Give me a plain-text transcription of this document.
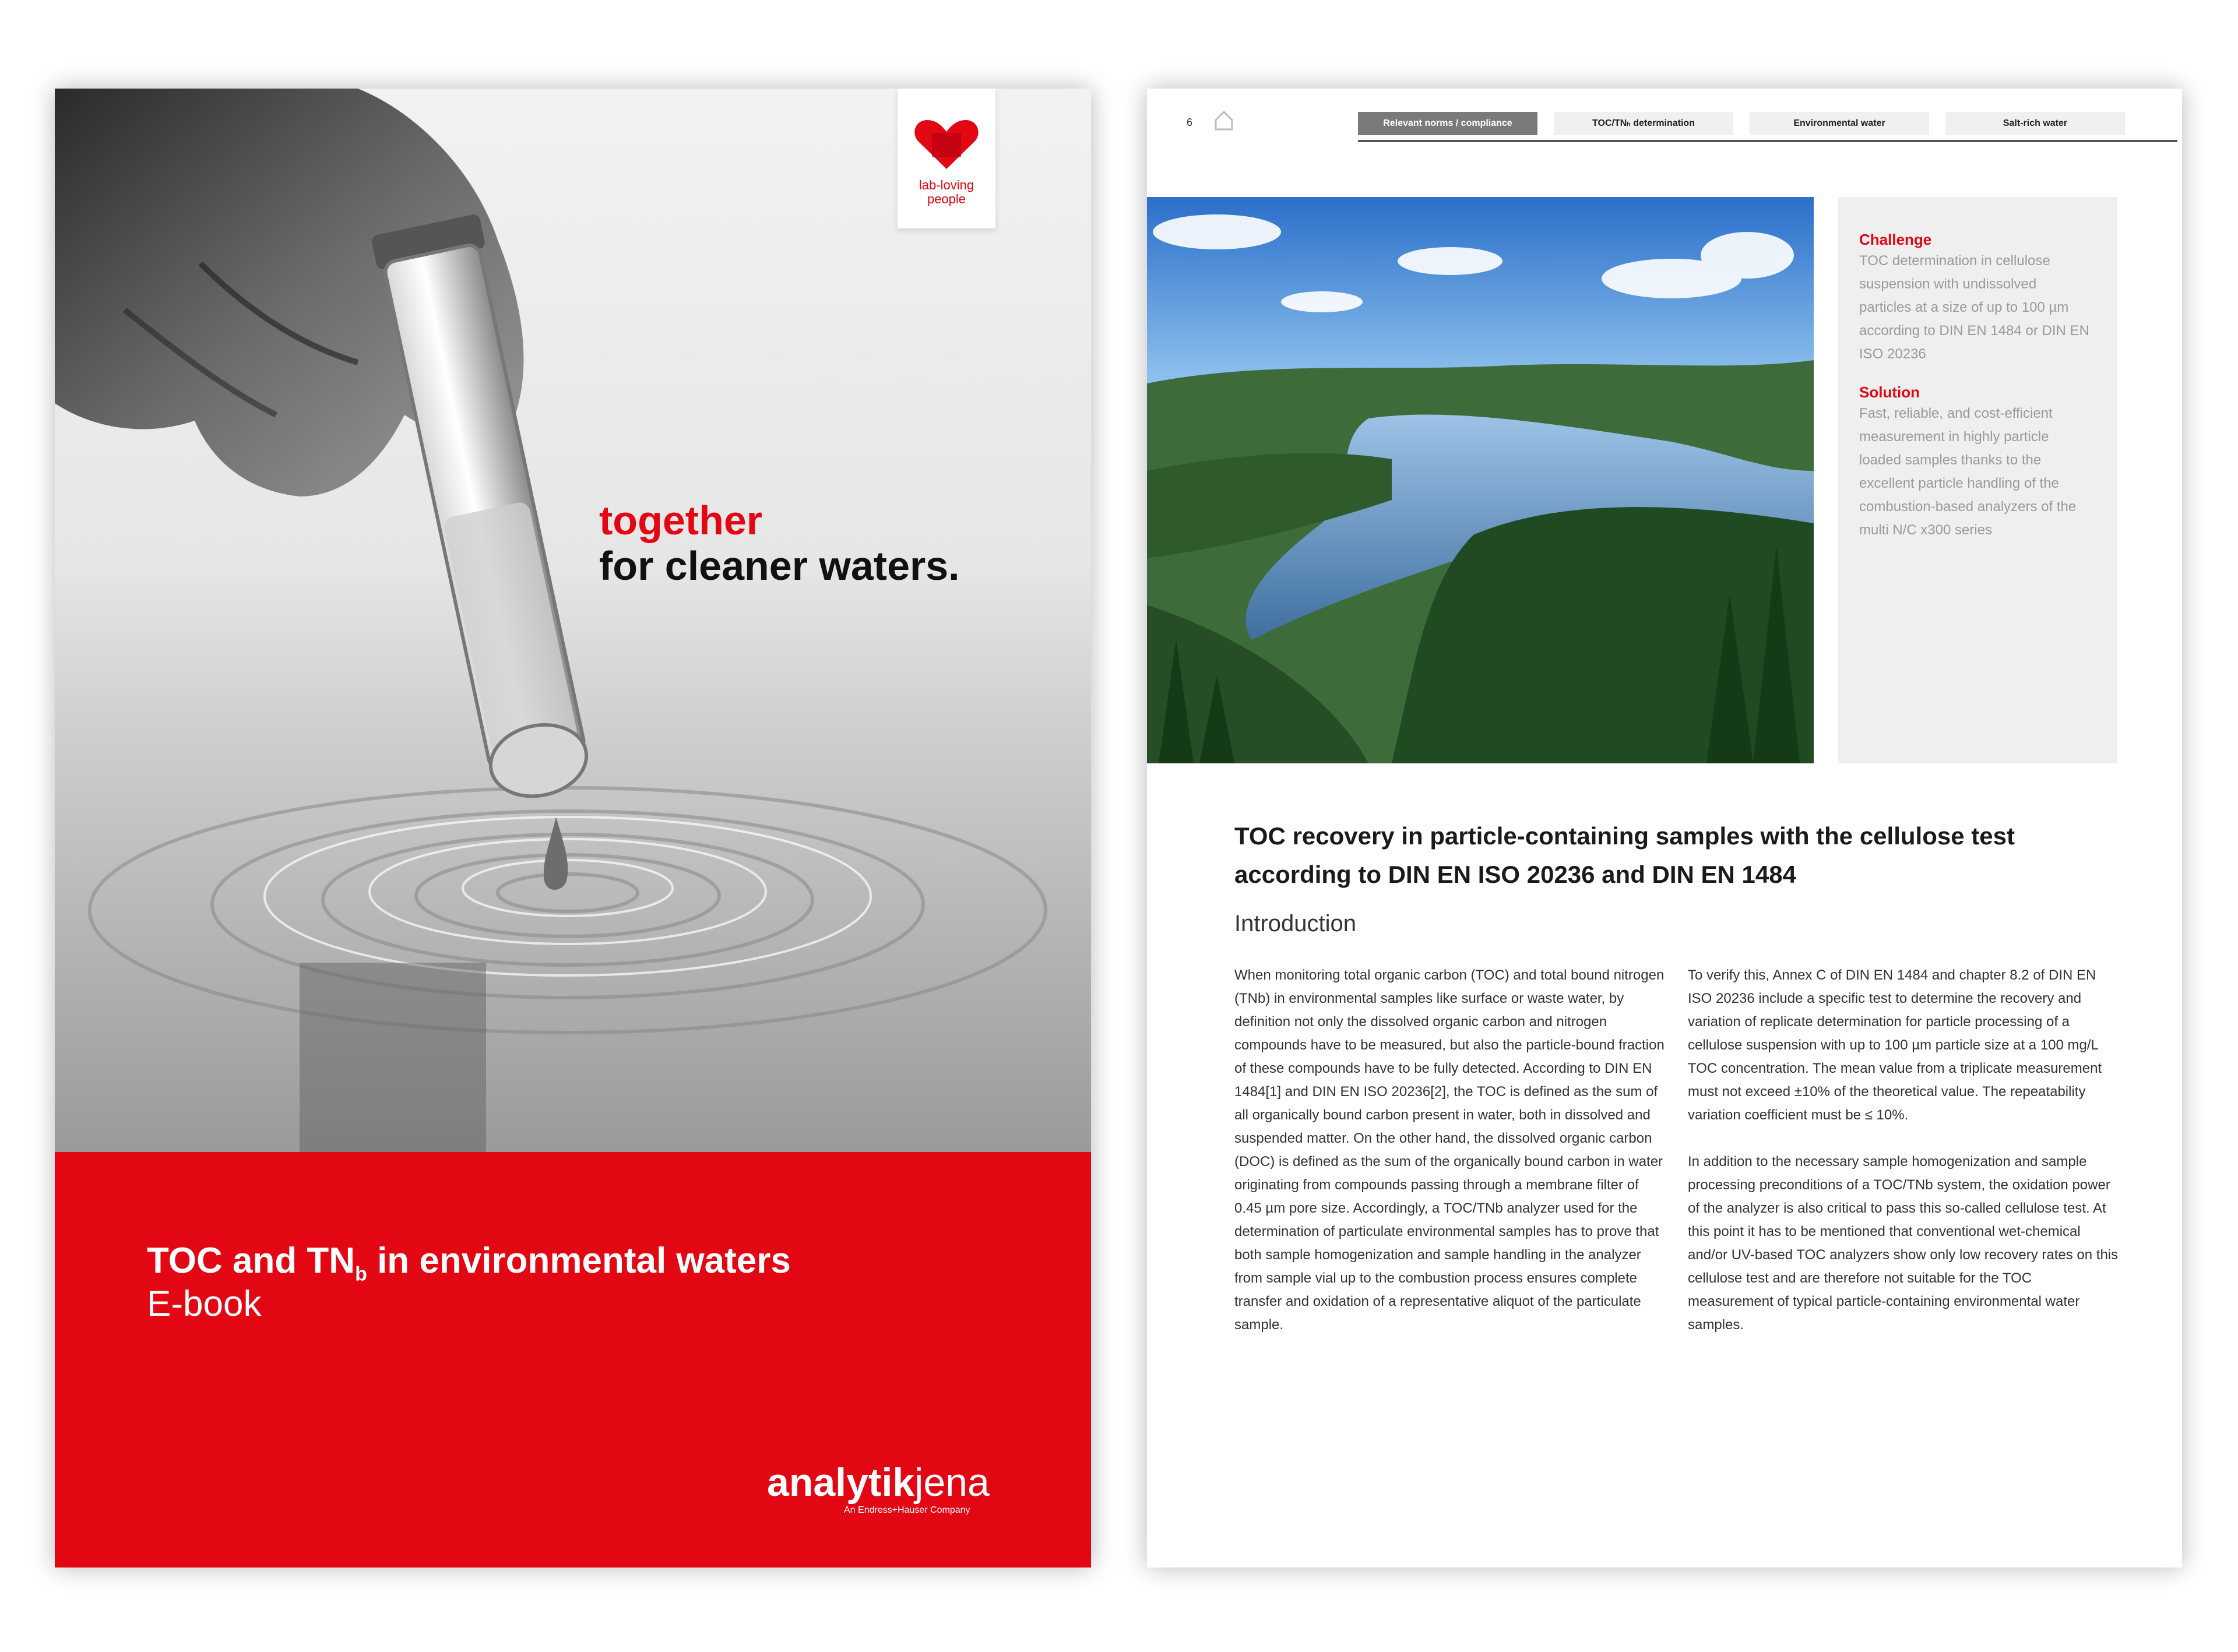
lab-loving
people
together
for cleaner waters.
TOC and $TN_b$ in environmental waters
E-book
analytikjena
An Endress+Hauser Company
6	Relevant norms / compliance	TOC/TNₕ determination	Environmental water	Salt-rich water
Challenge
TOC determination in cellulose suspension with undissolved particles at a size of up to 100 µm according to DIN EN 1484 or DIN EN ISO 20236
Solution
Fast, reliable, and cost-efficient measurement in highly particle loaded samples thanks to the excellent particle handling of the combustion-based analyzers of the multi N/C x300 series
TOC recovery in particle-containing samples with the cellulose test according to DIN EN ISO 20236 and DIN EN 1484
Introduction

When monitoring total organic carbon (TOC) and total bound nitrogen (TNb) in environmental samples like surface or waste water, by definition not only the dissolved organic carbon and nitrogen compounds have to be measured, but also the particle-bound fraction of these compounds have to be fully detected. According to DIN EN 1484[1] and DIN EN ISO 20236[2], the TOC is defined as the sum of all organically bound carbon present in water, both in dissolved and suspended matter. On the other hand, the dissolved organic carbon (DOC) is defined as the sum of the organically bound carbon in water originating from compounds passing through a membrane filter of 0.45 µm pore size. Accordingly, a TOC/TNb analyzer used for the determination of particulate environmental samples has to prove that both sample homogenization and sample handling in the analyzer from sample vial up to the combustion process ensures complete transfer and oxidation of a representative aliquot of the particulate sample.

To verify this, Annex C of DIN EN 1484 and chapter 8.2 of DIN EN ISO 20236 include a specific test to determine the recovery and variation of replicate determination for particle processing of a cellulose suspension with up to 100 µm particle size at a 100 mg/L TOC concentration. The mean value from a triplicate measurement must not exceed ±10% of the theoretical value. The repeatability variation coefficient must be ≤ 10%.

In addition to the necessary sample homogenization and sample processing preconditions of a TOC/TNb system, the oxidation power of the analyzer is also critical to pass this so-called cellulose test. At this point it has to be mentioned that conventional wet-chemical and/or UV-based TOC analyzers show only low recovery rates on this cellulose test and are therefore not suitable for the TOC measurement of typical particle-containing environmental water samples.
